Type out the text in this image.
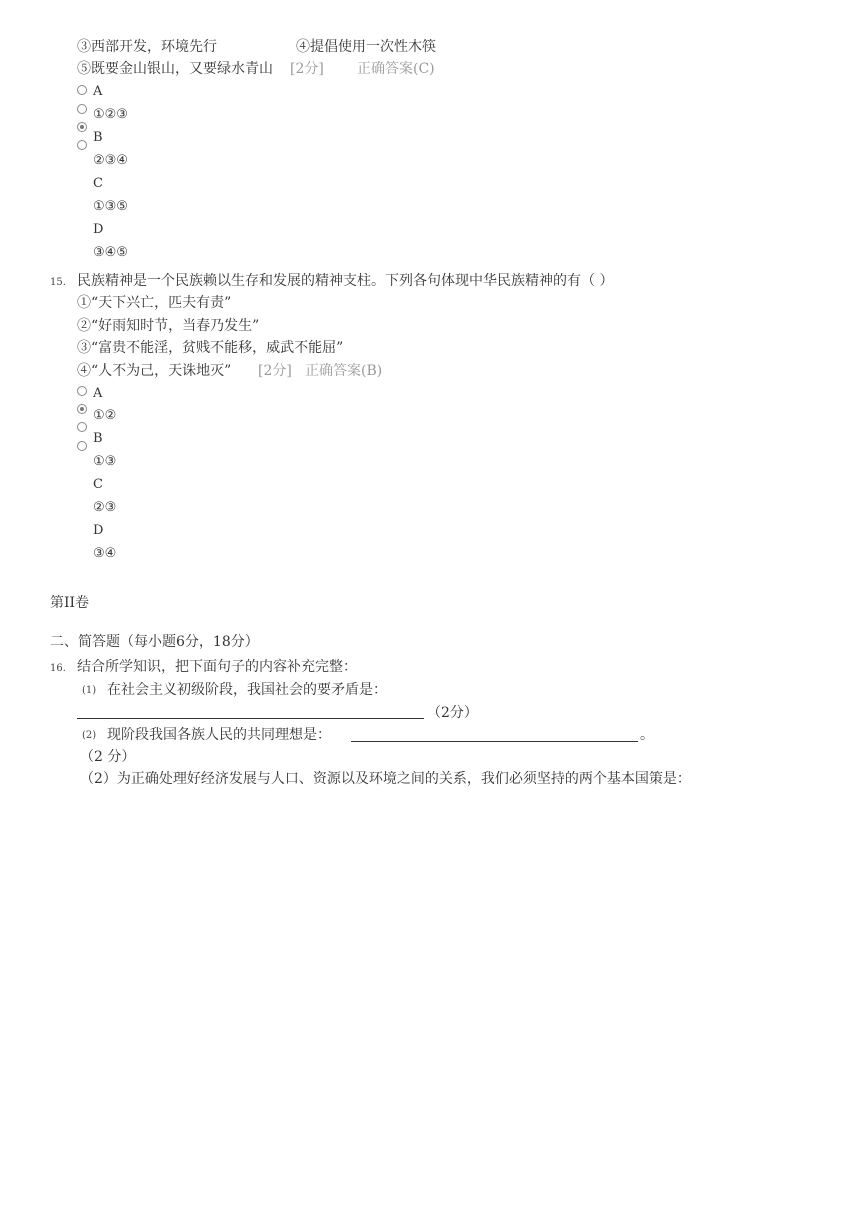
③西部开发，环境先行	④提倡使用一次性木筷
⑤既要金山银山，又要绿水青山 [2分] 正确答案(C)
A
①②③
B
②③④
C
①③⑤
D
③④⑤
15. 民族精神是一个民族赖以生存和发展的精神支柱。下列各句体现中华民族精神的有（ ）
①“天下兴亡，匹夫有责”
②“好雨知时节，当春乃发生”
③“富贵不能淫，贫贱不能移，威武不能屈”
④“人不为己，天诛地灭” [2分] 正确答案(B)
A
①②
B
①③
C
②③
D
③④
第II卷
二、简答题（每小题6分，18分）
16. 结合所学知识，把下面句子的内容补充完整：
(1) 在社会主义初级阶段，我国社会的要矛盾是：
（2分）
(2) 现阶段我国各族人民的共同理想是：	。
（2 分）
（2）为正确处理好经济发展与人口、资源以及环境之间的关系，我们必须坚持的两个基本国策是：
